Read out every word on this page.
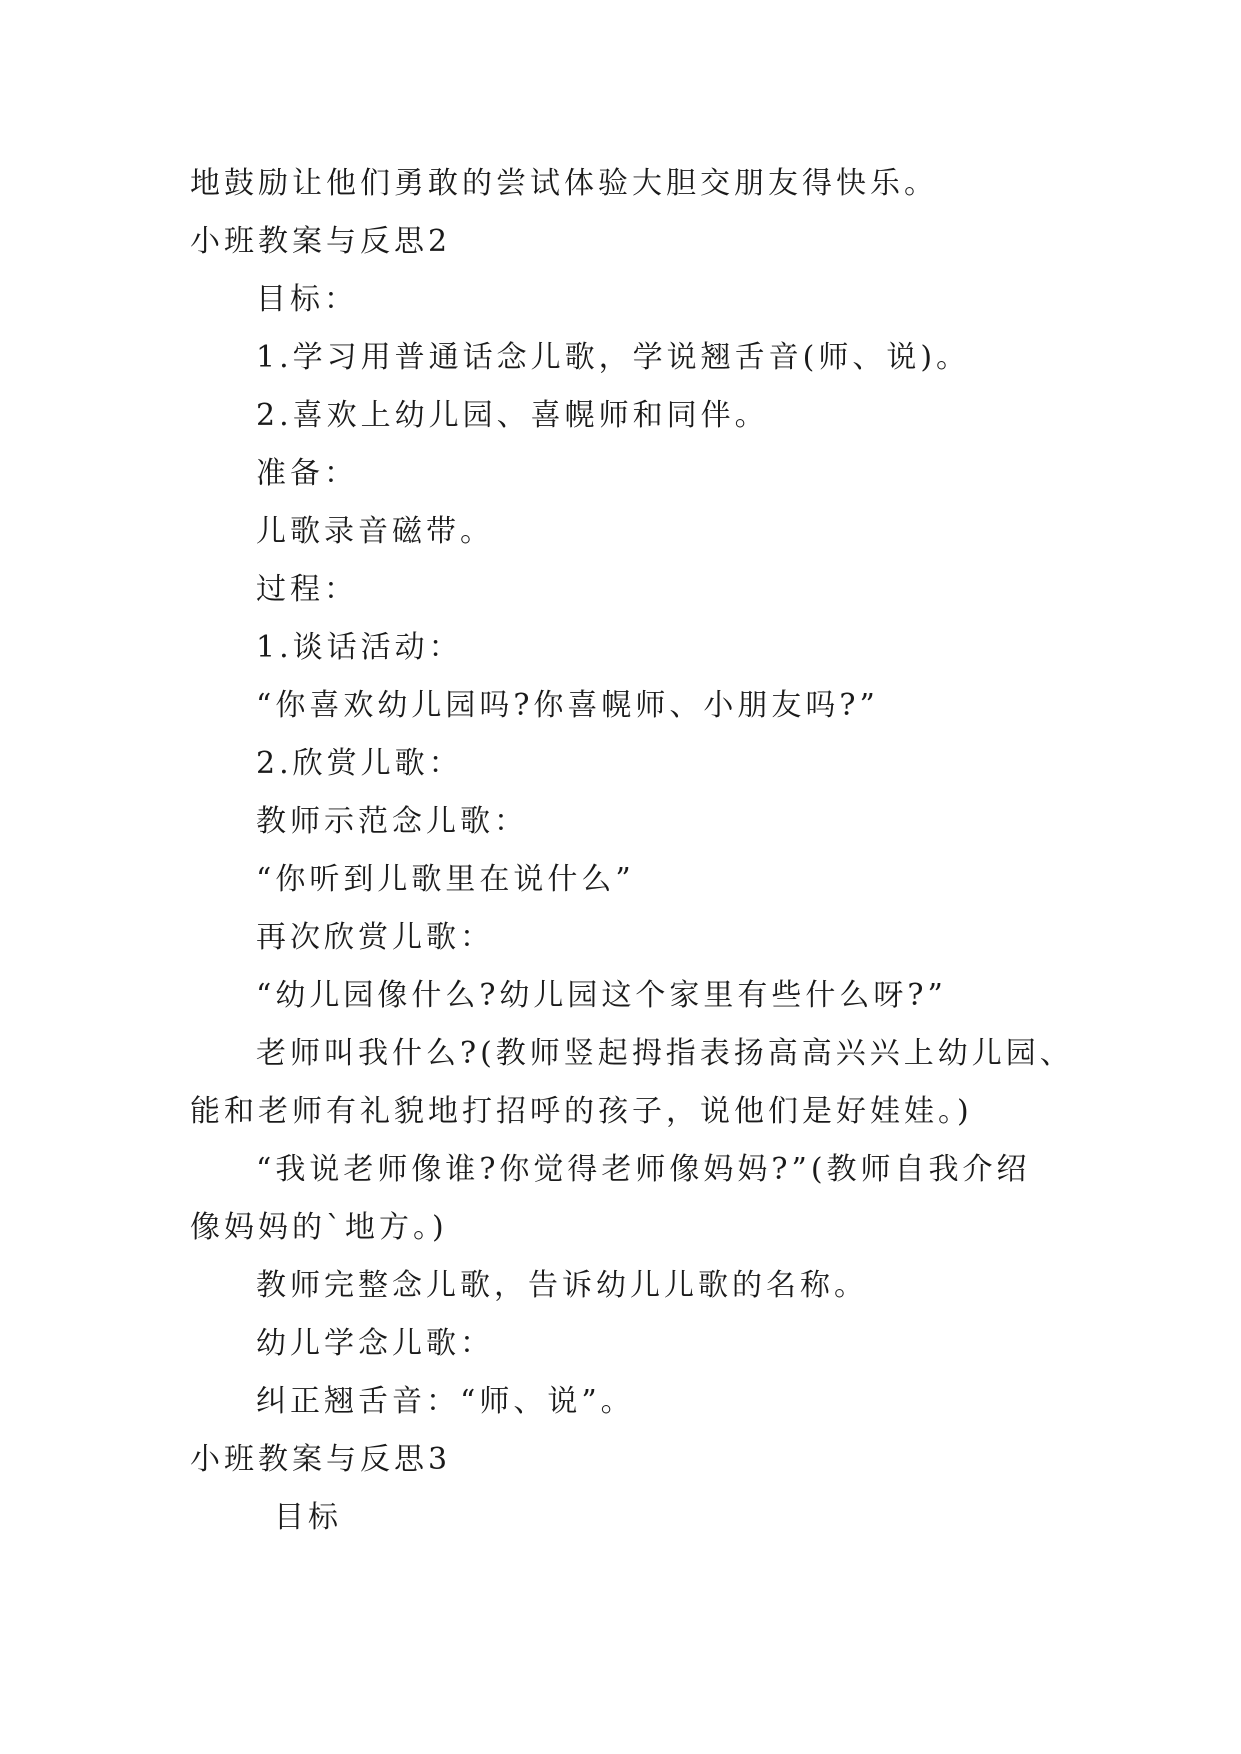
地鼓励让他们勇敢的尝试体验大胆交朋友得快乐。
小班教案与反思2
目标：
1.学习用普通话念儿歌，学说翘舌音(师、说)。
2.喜欢上幼儿园、喜幌师和同伴。
准备：
儿歌录音磁带。
过程：
1.谈话活动：
“你喜欢幼儿园吗?你喜幌师、小朋友吗?”
2.欣赏儿歌：
教师示范念儿歌：
“你听到儿歌里在说什么”
再次欣赏儿歌：
“幼儿园像什么?幼儿园这个家里有些什么呀?”
老师叫我什么?(教师竖起拇指表扬高高兴兴上幼儿园、
能和老师有礼貌地打招呼的孩子，说他们是好娃娃。)
“我说老师像谁?你觉得老师像妈妈?”(教师自我介绍
像妈妈的`地方。)
教师完整念儿歌，告诉幼儿儿歌的名称。
幼儿学念儿歌：
纠正翘舌音：“师、说”。
小班教案与反思3
目标
